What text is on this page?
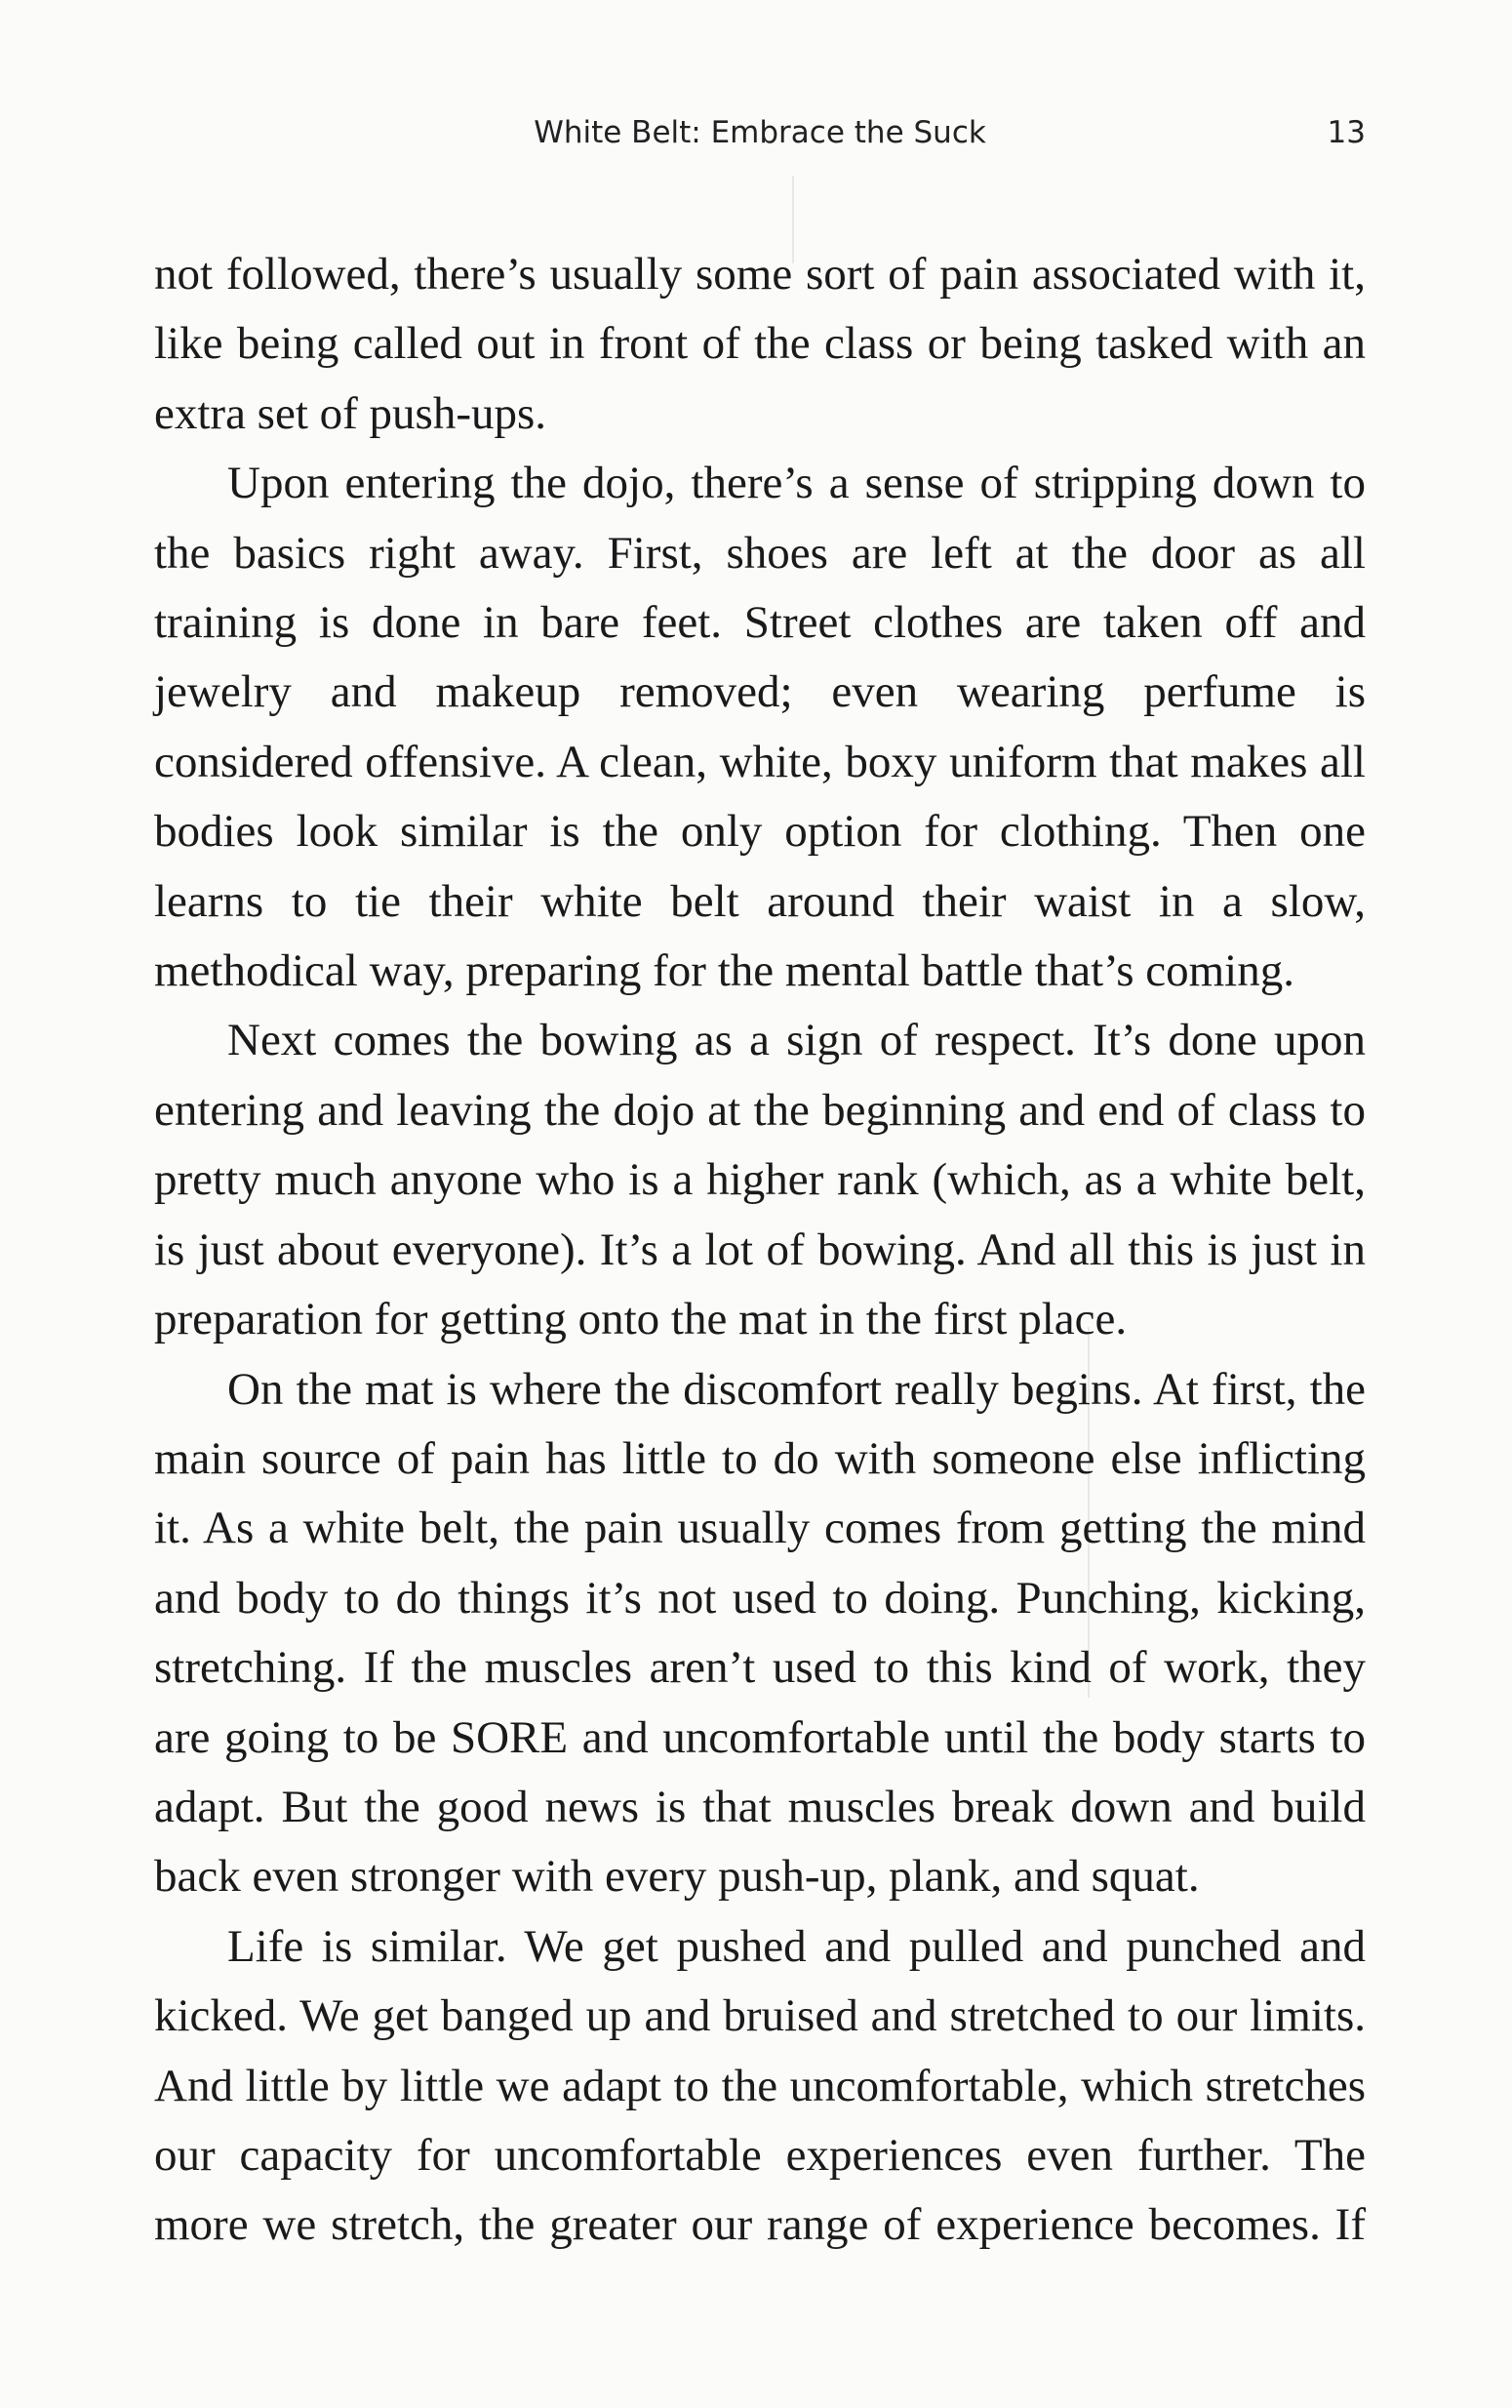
White Belt: Embrace the Suck	13

not followed, there’s usually some sort of pain associated with it, like being called out in front of the class or being tasked with an extra set of push-ups.

Upon entering the dojo, there’s a sense of stripping down to the basics right away. First, shoes are left at the door as all training is done in bare feet. Street clothes are taken off and jewelry and makeup removed; even wearing perfume is considered offensive. A clean, white, boxy uniform that makes all bodies look similar is the only option for clothing. Then one learns to tie their white belt around their waist in a slow, methodical way, preparing for the mental battle that’s coming.

Next comes the bowing as a sign of respect. It’s done upon entering and leaving the dojo at the beginning and end of class to pretty much anyone who is a higher rank (which, as a white belt, is just about everyone). It’s a lot of bowing. And all this is just in preparation for getting onto the mat in the first place.

On the mat is where the discomfort really begins. At first, the main source of pain has little to do with someone else inflicting it. As a white belt, the pain usually comes from getting the mind and body to do things it’s not used to doing. Punching, kicking, stretching. If the muscles aren’t used to this kind of work, they are going to be SORE and uncomfortable until the body starts to adapt. But the good news is that muscles break down and build back even stronger with every push-up, plank, and squat.

Life is similar. We get pushed and pulled and punched and kicked. We get banged up and bruised and stretched to our limits. And little by little we adapt to the uncomfortable, which stretches our capacity for uncomfortable experiences even further. The more we stretch, the greater our range of experience becomes. If
